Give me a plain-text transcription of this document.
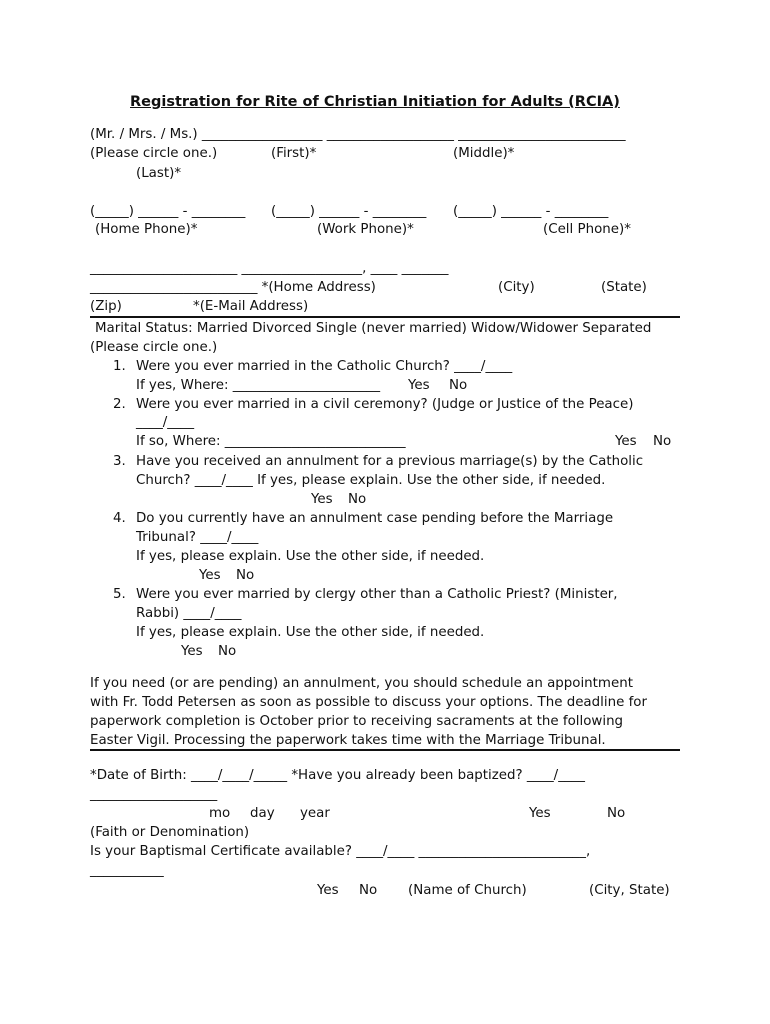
Registration for Rite of Christian Initiation for Adults (RCIA)
(Mr. / Mrs. / Ms.) __________________ ___________________ _________________________
(Please circle one.)	(First)*	(Middle)*
(Last)*
(_____) ______ - ________ (_____) ______ - ________ (_____) ______ - ________
(Home Phone)*	(Work Phone)*	(Cell Phone)*
______________________ __________________, ____ _______
_________________________ *(Home Address)	(City)	(State)
(Zip)	*(E-Mail Address)
Marital Status: Married Divorced Single (never married) Widow/Widower Separated
(Please circle one.)
1. Were you ever married in the Catholic Church? ____/____
If yes, Where: ______________________ Yes No
2. Were you ever married in a civil ceremony? (Judge or Justice of the Peace)
____/____
If so, Where: ___________________________	Yes No
3. Have you received an annulment for a previous marriage(s) by the Catholic
Church? ____/____ If yes, please explain. Use the other side, if needed.
Yes No
4. Do you currently have an annulment case pending before the Marriage
Tribunal? ____/____
If yes, please explain. Use the other side, if needed.
Yes No
5. Were you ever married by clergy other than a Catholic Priest? (Minister,
Rabbi) ____/____
If yes, please explain. Use the other side, if needed.
Yes No
If you need (or are pending) an annulment, you should schedule an appointment
with Fr. Todd Petersen as soon as possible to discuss your options. The deadline for
paperwork completion is October prior to receiving sacraments at the following
Easter Vigil. Processing the paperwork takes time with the Marriage Tribunal.
*Date of Birth: ____/____/_____ *Have you already been baptized? ____/____
___________________
mo day year	Yes	No
(Faith or Denomination)
Is your Baptismal Certificate available? ____/____ _________________________,
___________
Yes No (Name of Church)	(City, State)
